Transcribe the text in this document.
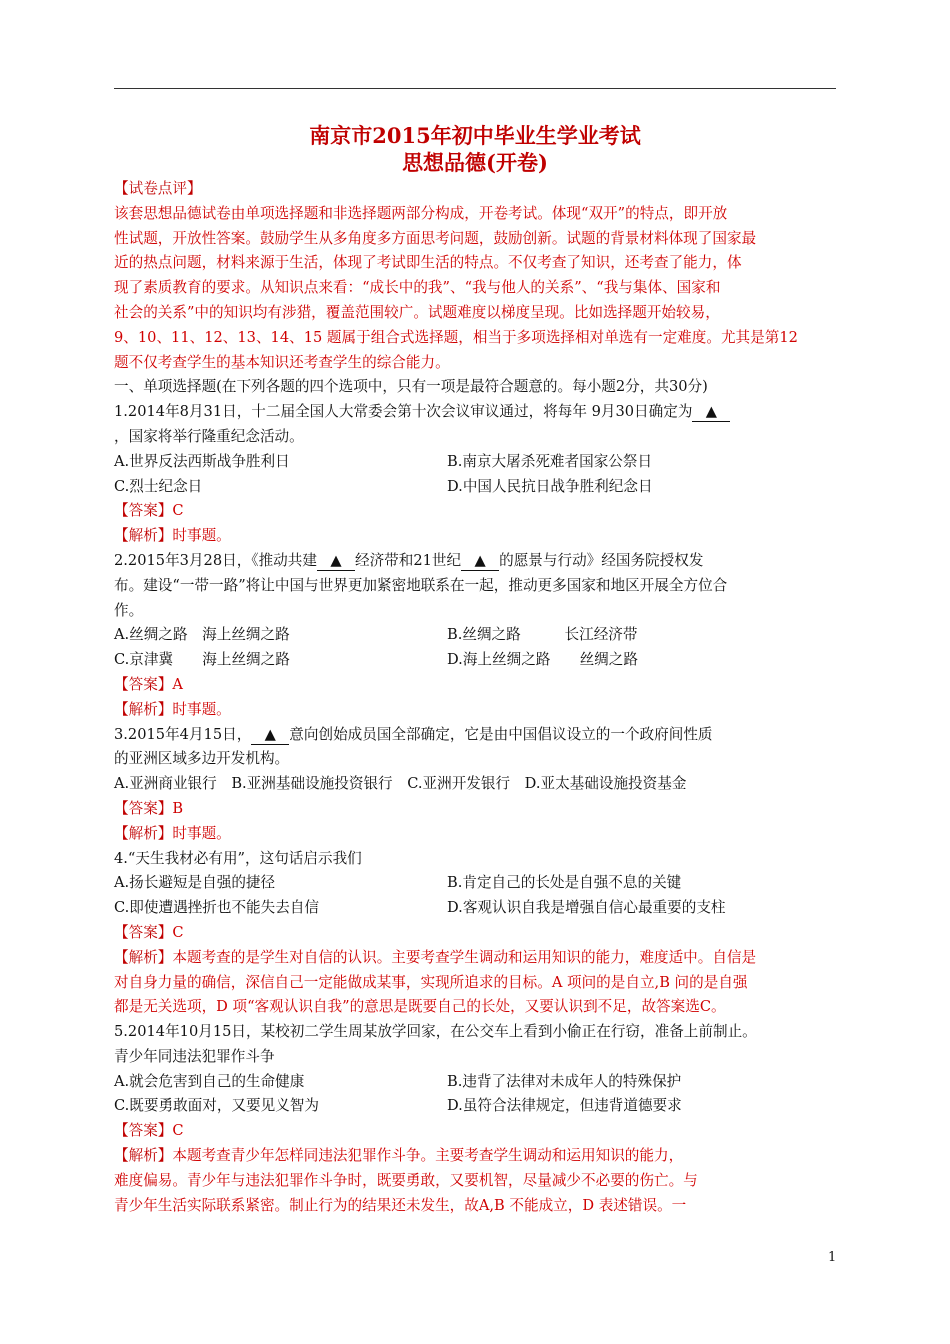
南京市2015年初中毕业生学业考试
思想品德(开卷)
【试卷点评】
该套思想品德试卷由单项选择题和非选择题两部分构成，开卷考试。体现“双开”的特点，即开放
性试题，开放性答案。鼓励学生从多角度多方面思考问题，鼓励创新。试题的背景材料体现了国家最
近的热点问题，材料来源于生活，体现了考试即生活的特点。不仅考查了知识，还考查了能力，体
现了素质教育的要求。从知识点来看：“成长中的我”、“我与他人的关系”、“我与集体、国家和
社会的关系”中的知识均有涉猎，覆盖范围较广。试题难度以梯度呈现。比如选择题开始较易，
9、10、11、12、13、14、15 题属于组合式选择题，相当于多项选择相对单选有一定难度。尤其是第12
题不仅考查学生的基本知识还考查学生的综合能力。
一、单项选择题(在下列各题的四个选项中，只有一项是最符合题意的。每小题2分，共30分)
1.2014年8月31日，十二届全国人大常委会第十次会议审议通过，将每年 9月30日确定为 ▲
，国家将举行隆重纪念活动。
A.世界反法西斯战争胜利日	B.南京大屠杀死难者国家公祭日
C.烈士纪念日	D.中国人民抗日战争胜利纪念日
【答案】C
【解析】时事题。
2.2015年3月28日，《推动共建 ▲ 经济带和21世纪 ▲ 的愿景与行动》经国务院授权发
布。建设“一带一路”将让中国与世界更加紧密地联系在一起，推动更多国家和地区开展全方位合
作。
A.丝绸之路　海上丝绸之路	B.丝绸之路　　　长江经济带
C.京津冀　　海上丝绸之路	D.海上丝绸之路　　丝绸之路
【答案】A
【解析】时事题。
3.2015年4月15日， ▲ 意向创始成员国全部确定，它是由中国倡议设立的一个政府间性质
的亚洲区域多边开发机构。
A.亚洲商业银行　B.亚洲基础设施投资银行　C.亚洲开发银行　D.亚太基础设施投资基金
【答案】B
【解析】时事题。
4.“天生我材必有用”，这句话启示我们
A.扬长避短是自强的捷径	B.肯定自己的长处是自强不息的关键
C.即使遭遇挫折也不能失去自信	D.客观认识自我是增强自信心最重要的支柱
【答案】C
【解析】本题考查的是学生对自信的认识。主要考查学生调动和运用知识的能力，难度适中。自信是
对自身力量的确信，深信自己一定能做成某事，实现所追求的目标。A 项问的是自立,B 问的是自强
都是无关选项，D 项“客观认识自我”的意思是既要自己的长处，又要认识到不足，故答案选C。
5.2014年10月15日，某校初二学生周某放学回家，在公交车上看到小偷正在行窃，准备上前制止。
青少年同违法犯罪作斗争
A.就会危害到自己的生命健康	B.违背了法律对未成年人的特殊保护
C.既要勇敢面对，又要见义智为	D.虽符合法律规定，但违背道德要求
【答案】C
【解析】本题考查青少年怎样同违法犯罪作斗争。主要考查学生调动和运用知识的能力，
难度偏易。青少年与违法犯罪作斗争时，既要勇敢，又要机智，尽量减少不必要的伤亡。与
青少年生活实际联系紧密。制止行为的结果还未发生，故A,B 不能成立，D 表述错误。一
1
